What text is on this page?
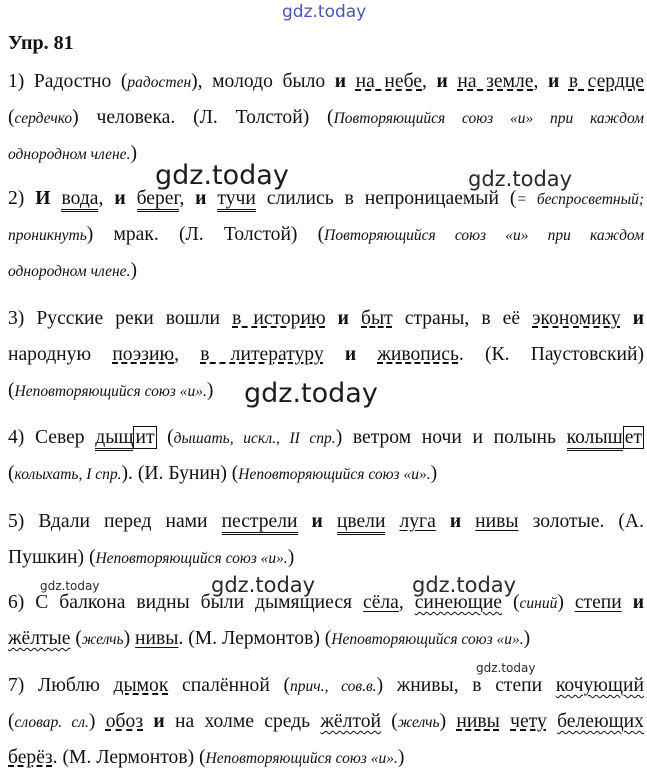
gdz.today
gdz.today	gdz.today
gdz.today
gdz.today	gdz.today	gdz.today
gdz.today
Упр. 81
1) Радостно (радостен), молодо было и на небе, и на земле, и в сердце
(сердечко) человека. (Л. Толстой) (Повторяющийся союз «и» при каждом
однородном члене.)
2) И вода, и берег, и тучи слились в непроницаемый (= беспросветный;
проникнуть) мрак. (Л. Толстой) (Повторяющийся союз «и» при каждом
однородном члене.)
3) Русские реки вошли в историю и быт страны, в её экономику и
народную поэзию, в литературу и живопись. (К. Паустовский)
(Неповторяющийся союз «и».)
4) Север дыщ ит (дышать, искл., II спр.) ветром ночи и полынь колыш ет
(колыхать, I спр.). (И. Бунин) (Неповторяющийся союз «и».)
5) Вдали перед нами пестрели и цвели луга и нивы золотые. (А.
Пушкин) (Неповторяющийся союз «и».)
6) С балкона видны были дымящиеся сёла, синеющие (синий) степи и
жёлтые (желчь) нивы. (М. Лермонтов) (Неповторяющийся союз «и».)
7) Люблю дымок спалённой (прич., сов.в.) жнивы, в степи кочующий
(словар. сл.) обоз и на холме средь жёлтой (желчь) нивы чету белеющих
берёз. (М. Лермонтов) (Неповторяющийся союз «и».)
